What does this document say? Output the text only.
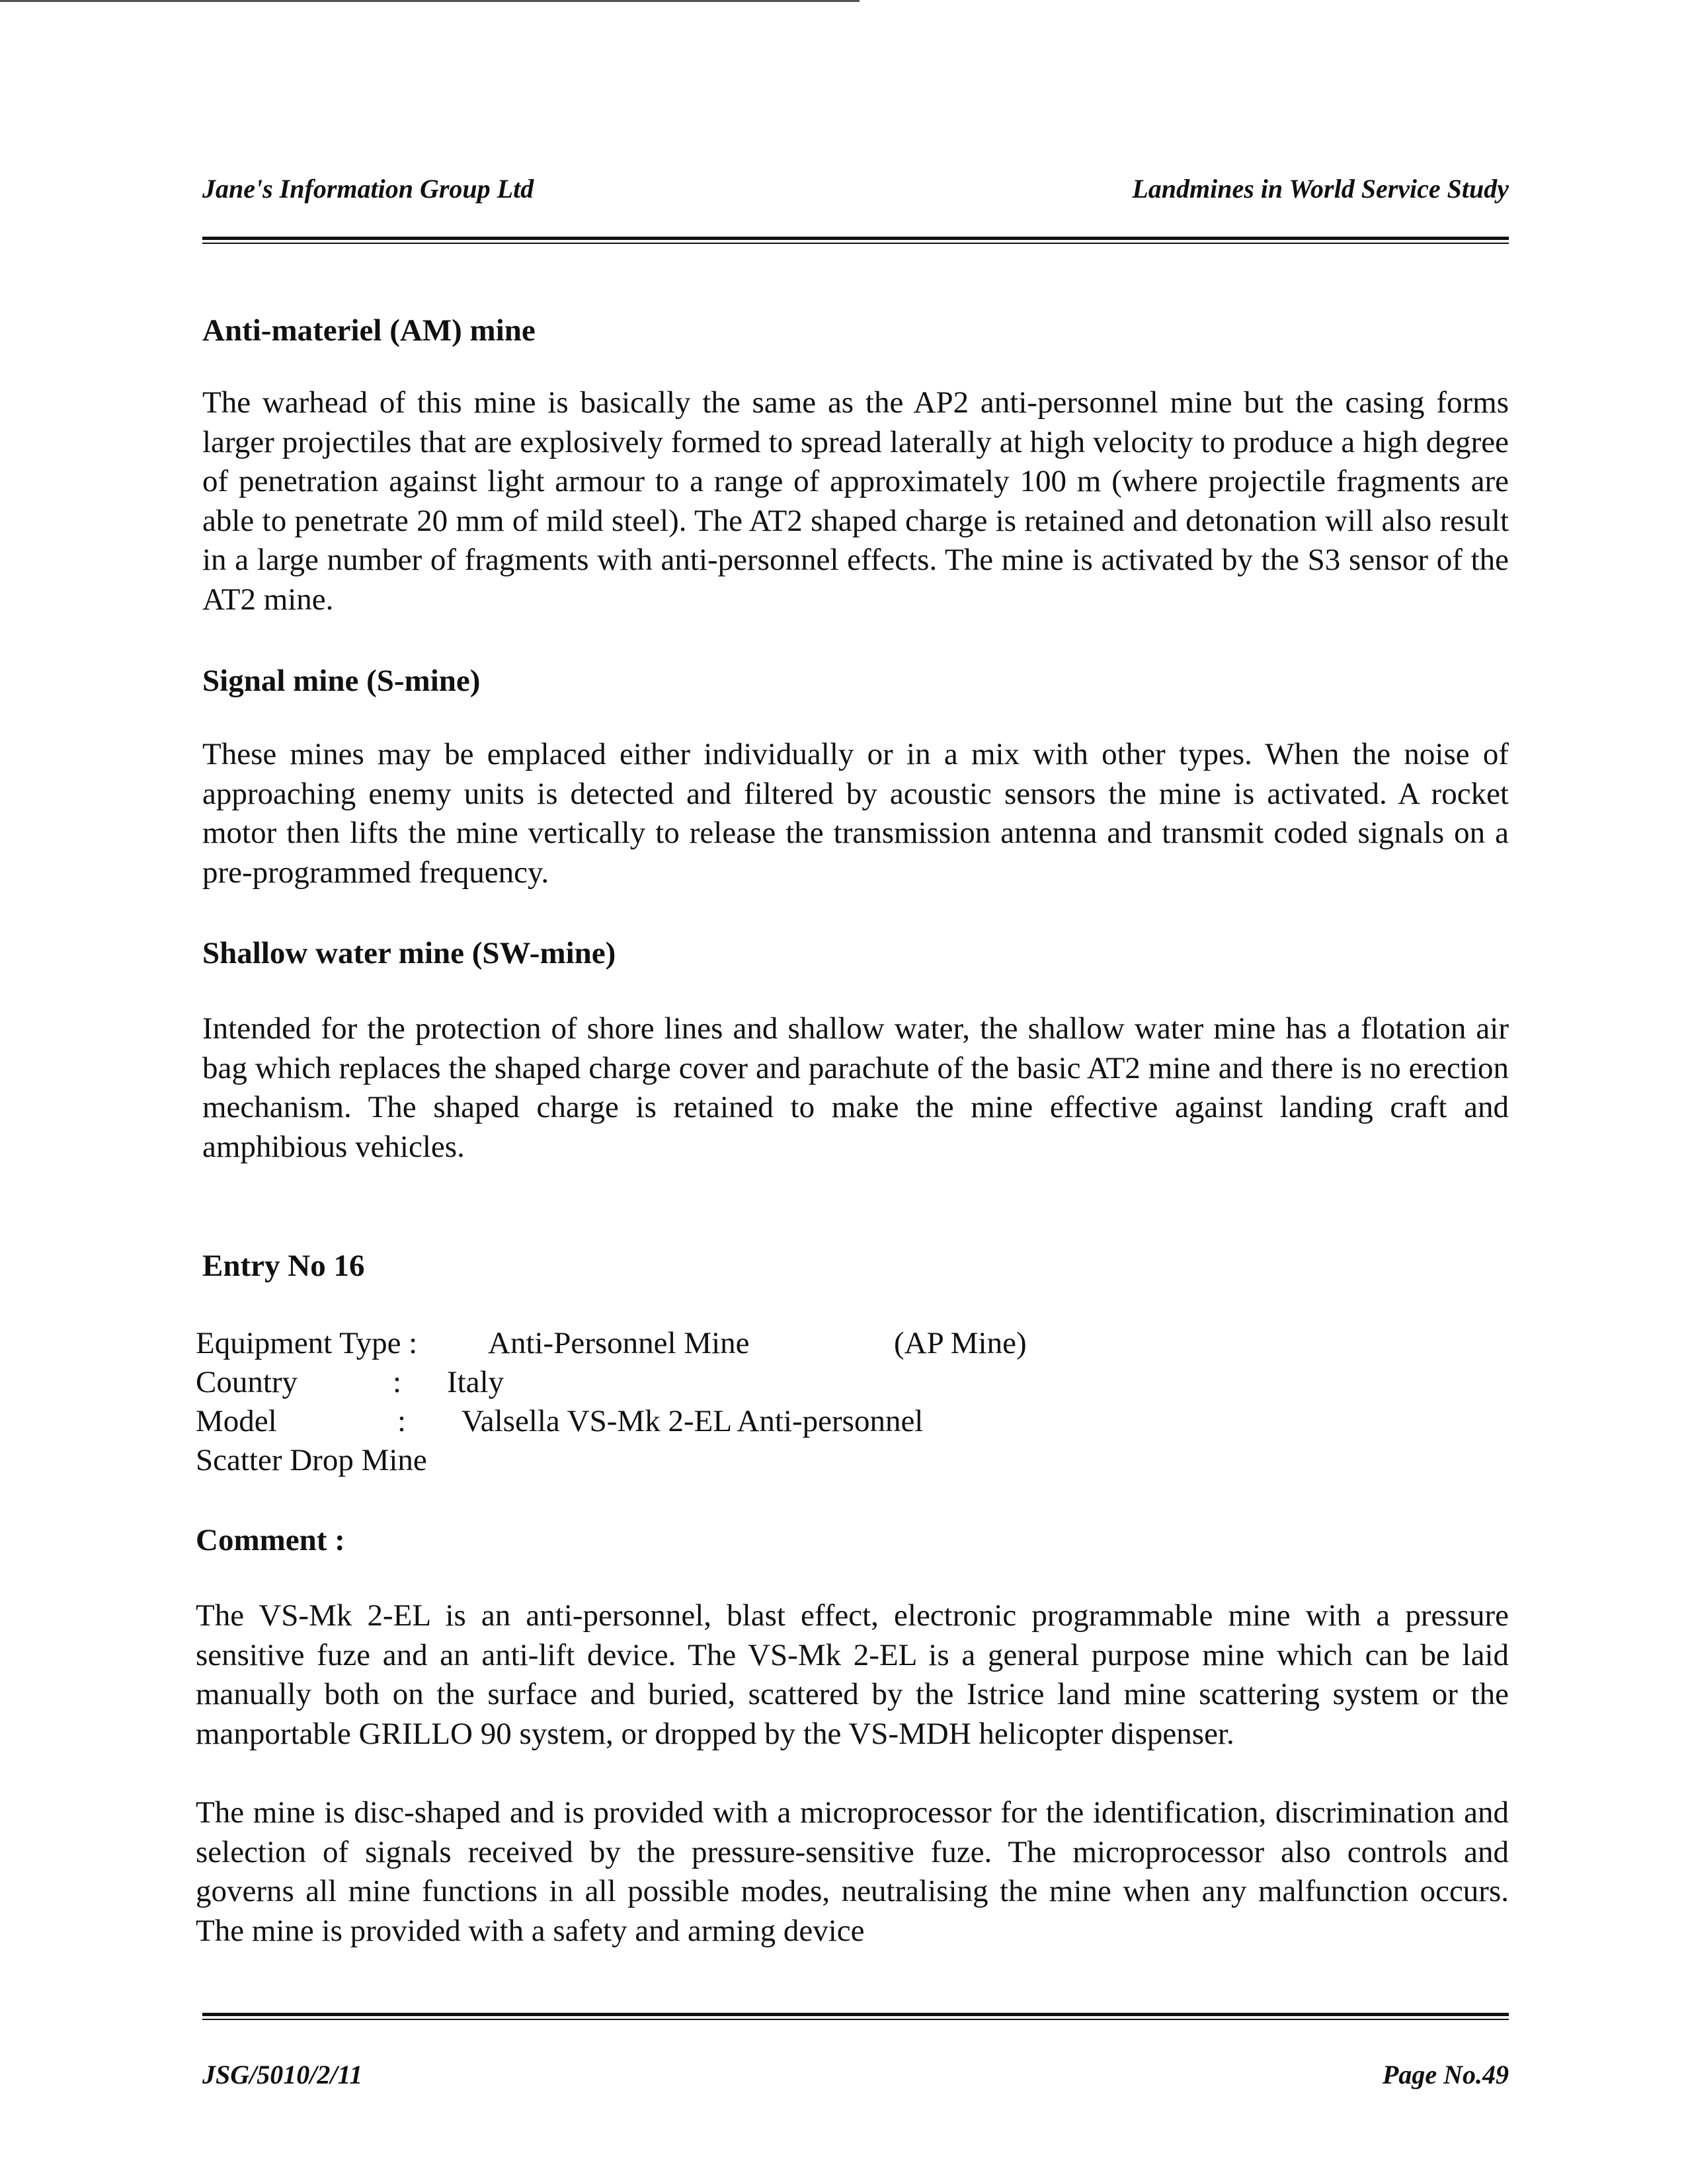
Jane's Information Group Ltd	Landmines in World Service Study

Anti-materiel (AM) mine

The warhead of this mine is basically the same as the AP2 anti-personnel mine but the casing forms larger projectiles that are explosively formed to spread laterally at high velocity to produce a high degree of penetration against light armour to a range of approximately 100 m (where projectile fragments are able to penetrate 20 mm of mild steel). The AT2 shaped charge is retained and detonation will also result in a large number of fragments with anti-personnel effects. The mine is activated by the S3 sensor of the AT2 mine.

Signal mine (S-mine)

These mines may be emplaced either individually or in a mix with other types. When the noise of approaching enemy units is detected and filtered by acoustic sensors the mine is activated. A rocket motor then lifts the mine vertically to release the transmission antenna and transmit coded signals on a pre-programmed frequency.

Shallow water mine (SW-mine)

Intended for the protection of shore lines and shallow water, the shallow water mine has a flotation air bag which replaces the shaped charge cover and parachute of the basic AT2 mine and there is no erection mechanism. The shaped charge is retained to make the mine effective against landing craft and amphibious vehicles.

Entry No 16

Equipment Type : Anti-Personnel Mine	(AP Mine)
Country	: Italy
Model	: Valsella VS-Mk 2-EL Anti-personnel
Scatter Drop Mine

Comment :

The VS-Mk 2-EL is an anti-personnel, blast effect, electronic programmable mine with a pressure sensitive fuze and an anti-lift device. The VS-Mk 2-EL is a general purpose mine which can be laid manually both on the surface and buried, scattered by the Istrice land mine scattering system or the manportable GRILLO 90 system, or dropped by the VS-MDH helicopter dispenser.

The mine is disc-shaped and is provided with a microprocessor for the identification, discrimination and selection of signals received by the pressure-sensitive fuze. The microprocessor also controls and governs all mine functions in all possible modes, neutralising the mine when any malfunction occurs. The mine is provided with a safety and arming device

JSG/5010/2/11	Page No.49
